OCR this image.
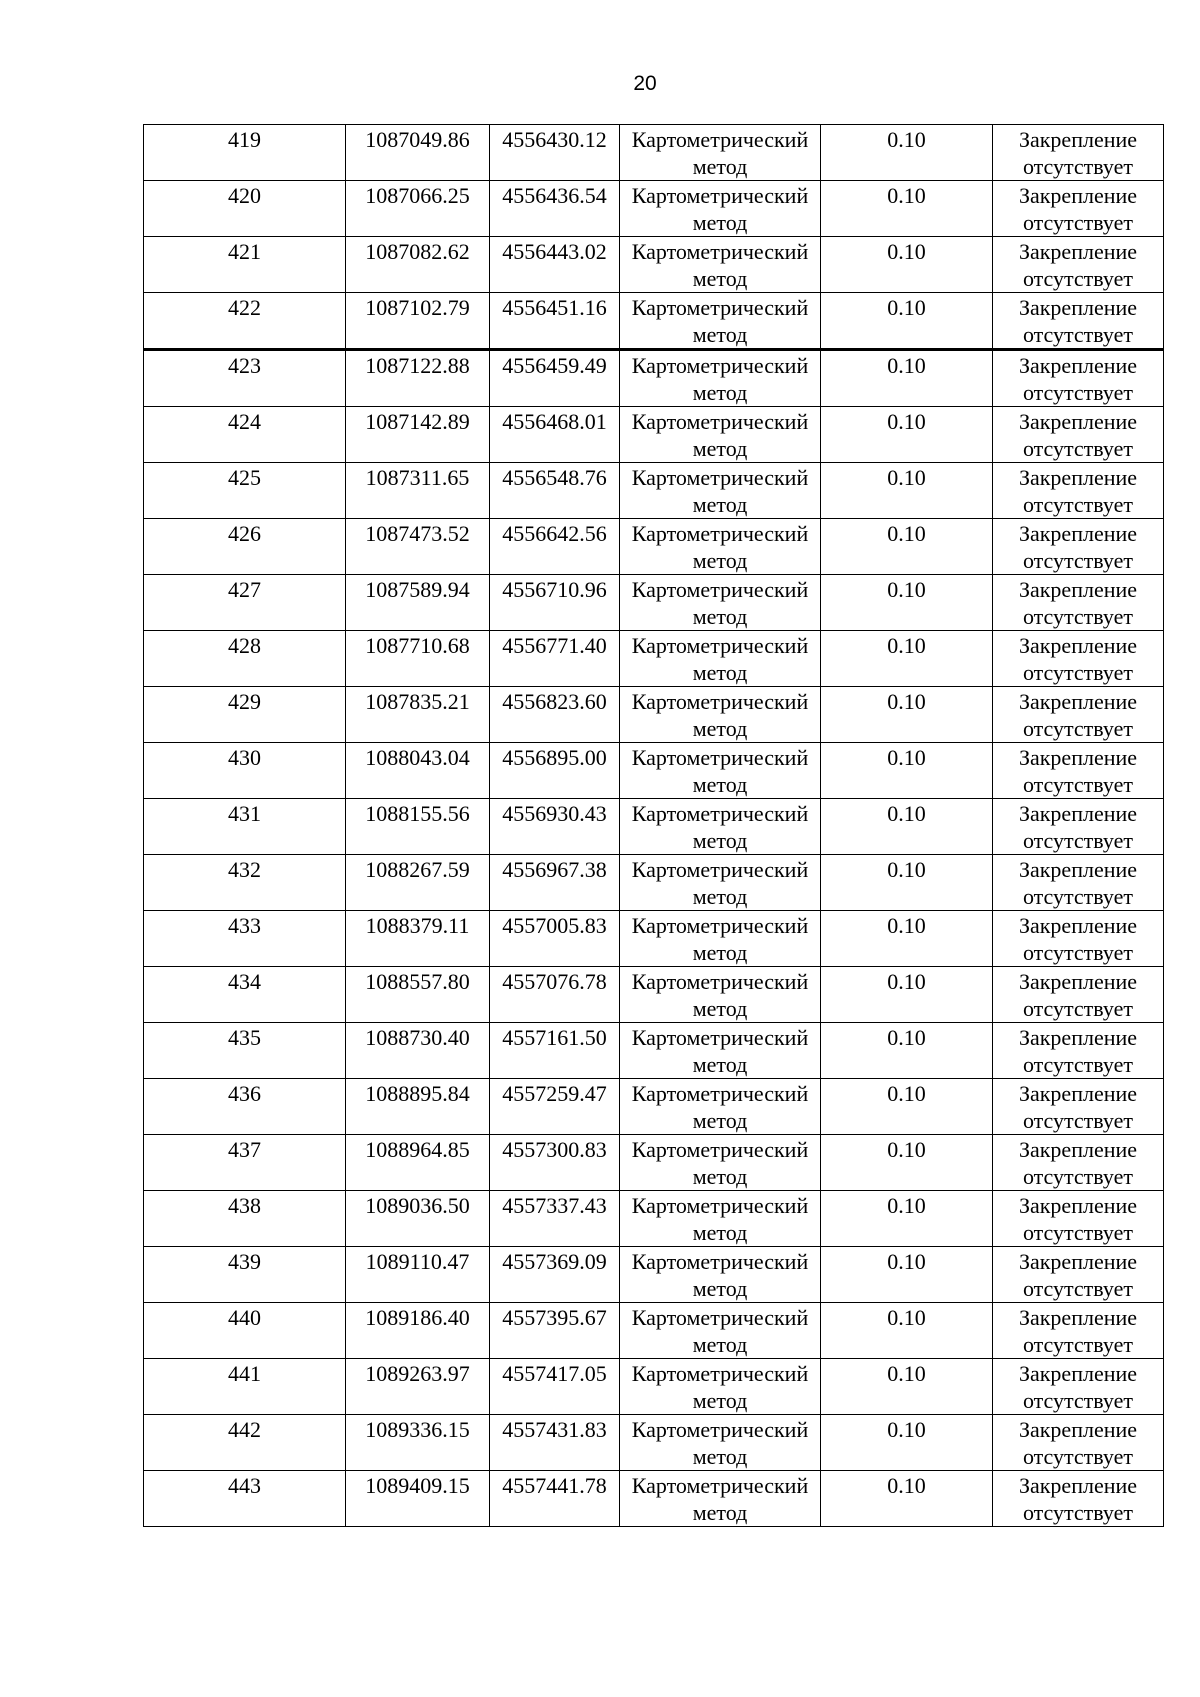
20
419	1087049.86	4556430.12	Картометрический метод	0.10	Закрепление отсутствует
420	1087066.25	4556436.54	Картометрический метод	0.10	Закрепление отсутствует
421	1087082.62	4556443.02	Картометрический метод	0.10	Закрепление отсутствует
422	1087102.79	4556451.16	Картометрический метод	0.10	Закрепление отсутствует
423	1087122.88	4556459.49	Картометрический метод	0.10	Закрепление отсутствует
424	1087142.89	4556468.01	Картометрический метод	0.10	Закрепление отсутствует
425	1087311.65	4556548.76	Картометрический метод	0.10	Закрепление отсутствует
426	1087473.52	4556642.56	Картометрический метод	0.10	Закрепление отсутствует
427	1087589.94	4556710.96	Картометрический метод	0.10	Закрепление отсутствует
428	1087710.68	4556771.40	Картометрический метод	0.10	Закрепление отсутствует
429	1087835.21	4556823.60	Картометрический метод	0.10	Закрепление отсутствует
430	1088043.04	4556895.00	Картометрический метод	0.10	Закрепление отсутствует
431	1088155.56	4556930.43	Картометрический метод	0.10	Закрепление отсутствует
432	1088267.59	4556967.38	Картометрический метод	0.10	Закрепление отсутствует
433	1088379.11	4557005.83	Картометрический метод	0.10	Закрепление отсутствует
434	1088557.80	4557076.78	Картометрический метод	0.10	Закрепление отсутствует
435	1088730.40	4557161.50	Картометрический метод	0.10	Закрепление отсутствует
436	1088895.84	4557259.47	Картометрический метод	0.10	Закрепление отсутствует
437	1088964.85	4557300.83	Картометрический метод	0.10	Закрепление отсутствует
438	1089036.50	4557337.43	Картометрический метод	0.10	Закрепление отсутствует
439	1089110.47	4557369.09	Картометрический метод	0.10	Закрепление отсутствует
440	1089186.40	4557395.67	Картометрический метод	0.10	Закрепление отсутствует
441	1089263.97	4557417.05	Картометрический метод	0.10	Закрепление отсутствует
442	1089336.15	4557431.83	Картометрический метод	0.10	Закрепление отсутствует
443	1089409.15	4557441.78	Картометрический метод	0.10	Закрепление отсутствует
